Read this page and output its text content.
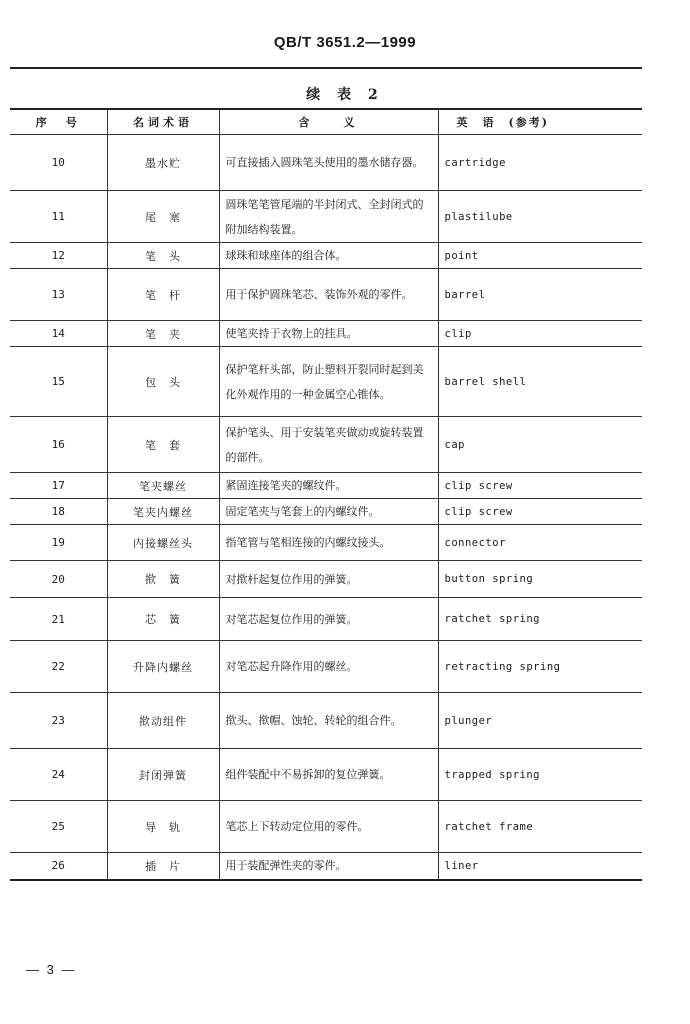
QB/T 3651.2—1999
续 表 2
序　号	名词术语	含　　义	英　语　(参考)
10	墨水贮	可直接插入圆珠笔头使用的墨水储存器。	cartridge
11	尾　塞	圆珠笔笔管尾端的半封闭式、全封闭式的附加结构装置。	plastilube
12	笔　头	球珠和球座体的组合体。	point
13	笔　杆	用于保护圆珠笔芯、装饰外观的零件。	barrel
14	笔　夹	使笔夹持于衣物上的挂具。	clip
15	包　头	保护笔杆头部，防止塑料开裂同时起到美化外观作用的一种金属空心锥体。	barrel shell
16	笔　套	保护笔头、用于安装笔夹做动或旋转装置的部件。	cap
17	笔夹螺丝	紧固连接笔夹的螺纹件。	clip screw
18	笔夹内螺丝	固定笔夹与笔套上的内螺纹件。	clip screw
19	内接螺丝头	指笔管与笔相连接的内螺纹接头。	connector
20	揿　簧	对揿杆起复位作用的弹簧。	button spring
21	芯　簧	对笔芯起复位作用的弹簧。	ratchet spring
22	升降内螺丝	对笔芯起升降作用的螺丝。	retracting spring
23	揿动组件	揿头、揿帽、蚀轮、转轮的组合件。	plunger
24	封闭弹簧	组件装配中不易拆卸的复位弹簧。	trapped spring
25	导　轨	笔芯上下转动定位用的零件。	ratchet frame
26	插　片	用于装配弹性夹的零件。	liner
— 3 —
